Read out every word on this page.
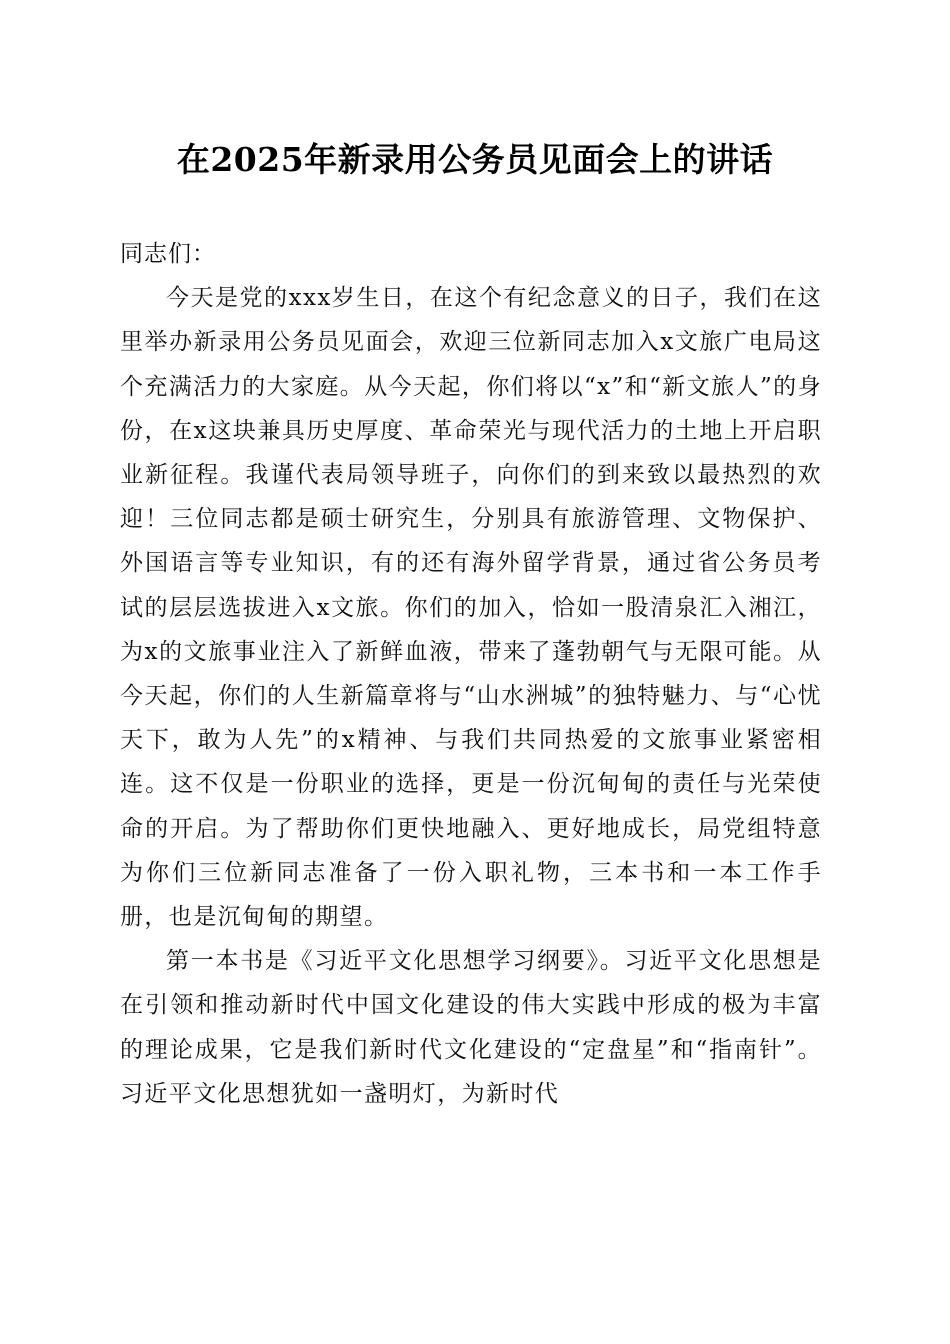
在2025年新录用公务员见面会上的讲话

同志们：

今天是党的xxx岁生日，在这个有纪念意义的日子，我们在这里举办新录用公务员见面会，欢迎三位新同志加入x文旅广电局这个充满活力的大家庭。从今天起，你们将以“x”和“新文旅人”的身份，在x这块兼具历史厚度、革命荣光与现代活力的土地上开启职业新征程。我谨代表局领导班子，向你们的到来致以最热烈的欢迎！三位同志都是硕士研究生，分别具有旅游管理、文物保护、外国语言等专业知识，有的还有海外留学背景，通过省公务员考试的层层选拔进入x文旅。你们的加入，恰如一股清泉汇入湘江，为x的文旅事业注入了新鲜血液，带来了蓬勃朝气与无限可能。从今天起，你们的人生新篇章将与“山水洲城”的独特魅力、与“心忧天下，敢为人先”的x精神、与我们共同热爱的文旅事业紧密相连。这不仅是一份职业的选择，更是一份沉甸甸的责任与光荣使命的开启。为了帮助你们更快地融入、更好地成长，局党组特意为你们三位新同志准备了一份入职礼物，三本书和一本工作手册，也是沉甸甸的期望。

第一本书是《习近平文化思想学习纲要》。习近平文化思想是在引领和推动新时代中国文化建设的伟大实践中形成的极为丰富的理论成果，它是我们新时代文化建设的“定盘星”和“指南针”。习近平文化思想犹如一盏明灯，为新时代
